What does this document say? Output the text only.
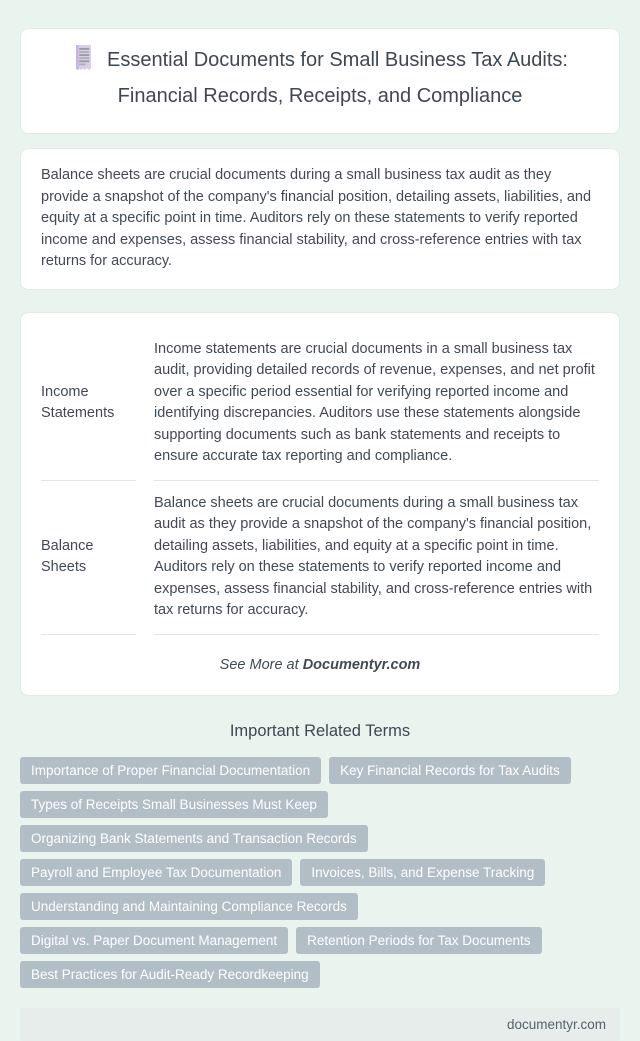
Essential Documents for Small Business Tax Audits: Financial Records, Receipts, and Compliance

Balance sheets are crucial documents during a small business tax audit as they provide a snapshot of the company's financial position, detailing assets, liabilities, and equity at a specific point in time. Auditors rely on these statements to verify reported income and expenses, assess financial stability, and cross-reference entries with tax returns for accuracy.

Income Statements
Income statements are crucial documents in a small business tax audit, providing detailed records of revenue, expenses, and net profit over a specific period essential for verifying reported income and identifying discrepancies. Auditors use these statements alongside supporting documents such as bank statements and receipts to ensure accurate tax reporting and compliance.
Balance Sheets
Balance sheets are crucial documents during a small business tax audit as they provide a snapshot of the company's financial position, detailing assets, liabilities, and equity at a specific point in time. Auditors rely on these statements to verify reported income and expenses, assess financial stability, and cross-reference entries with tax returns for accuracy.
See More at Documentyr.com
Important Related Terms
Importance of Proper Financial Documentation	Key Financial Records for Tax Audits
Types of Receipts Small Businesses Must Keep
Organizing Bank Statements and Transaction Records
Payroll and Employee Tax Documentation	Invoices, Bills, and Expense Tracking
Understanding and Maintaining Compliance Records
Digital vs. Paper Document Management	Retention Periods for Tax Documents
Best Practices for Audit-Ready Recordkeeping
documentyr.com
